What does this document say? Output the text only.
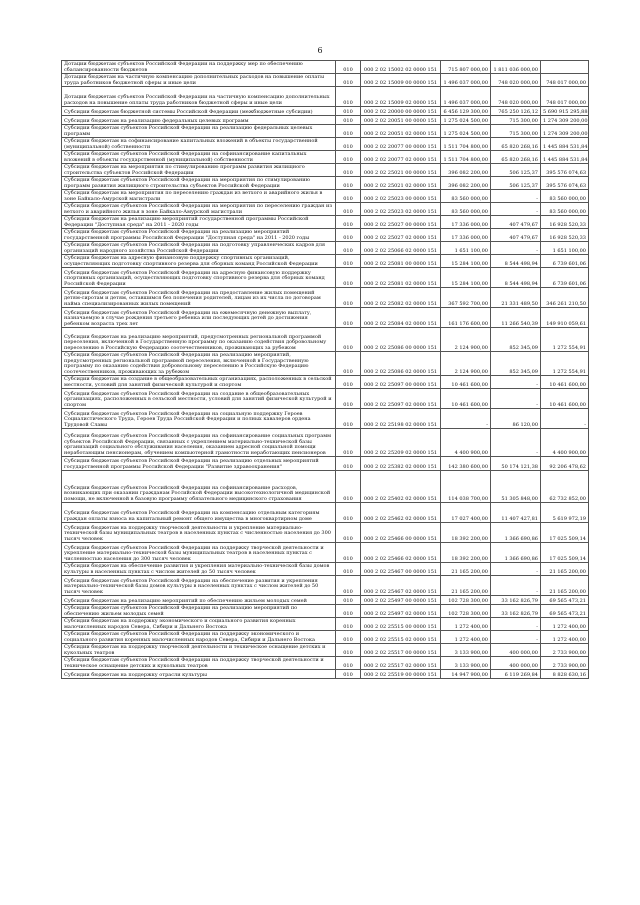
6
Дотации бюджетам субъектов Российской Федерации на поддержку мер по обеспечению сбалансированности бюджетов	010	000 2 02 15002 02 0000 151	715 807 000,00	1 811 036 000,00	
Дотации бюджетам на частичную компенсацию дополнительных расходов на повышение оплаты труда работников бюджетной сферы и иные цели	010	000 2 02 15009 00 0000 151	1 496 037 000,00	748 020 000,00	748 017 000,00
Дотации бюджетам субъектов Российской Федерации на частичную компенсацию дополнительных расходов на повышение оплаты труда работников бюджетной сферы и иные цели	010	000 2 02 15009 02 0000 151	1 496 037 000,00	748 020 000,00	748 017 000,00
Субсидии бюджетам бюджетной системы Российской Федерации (межбюджетные субсидии)	010	000 2 02 20000 00 0000 151	6 456 129 300,00	765 250 126,12	5 690 915 295,88
Субсидии бюджетам на реализацию федеральных целевых программ	010	000 2 02 20051 00 0000 151	1 275 024 500,00	715 300,00	1 274 309 200,00
Субсидии бюджетам субъектов Российской Федерации на реализацию федеральных целевых программ	010	000 2 02 20051 02 0000 151	1 275 024 500,00	715 300,00	1 274 309 200,00
Субсидии бюджетам на софинансирование капитальных вложений в объекты государственной (муниципальной) собственности	010	000 2 02 20077 00 0000 151	1 511 704 800,00	65 820 268,16	1 445 884 531,84
Субсидии бюджетам субъектов Российской Федерации на софинансирование капитальных вложений в объекты государственной (муниципальной) собственности	010	000 2 02 20077 02 0000 151	1 511 704 800,00	65 820 268,16	1 445 884 531,84
Субсидии бюджетам на мероприятия по стимулированию программ развития жилищного строительства субъектов Российской Федерации	010	000 2 02 25021 00 0000 151	396 082 200,00	506 125,37	395 576 074,63
Субсидии бюджетам субъектов Российской Федерации на мероприятия по стимулированию программ развития жилищного строительства субъектов Российской Федерации	010	000 2 02 25021 02 0000 151	396 082 200,00	506 125,37	395 576 074,63
Субсидии бюджетам на мероприятия по переселению граждан из ветхого и аварийного жилья в зоне Байкало-Амурской магистрали	010	000 2 02 25023 00 0000 151	83 560 000,00	-	83 560 000,00
Субсидии бюджетам субъектов Российской Федерации на мероприятия по переселению граждан из ветхого и аварийного жилья в зоне Байкало-Амурской магистрали	010	000 2 02 25023 02 0000 151	83 560 000,00	-	83 560 000,00
Субсидии бюджетам на реализацию мероприятий государственной программы Российской Федерации "Доступная среда" на 2011 - 2020 годы	010	000 2 02 25027 00 0000 151	17 336 000,00	407 479,67	16 928 520,33
Субсидии бюджетам субъектов Российской Федерации на реализацию мероприятий государственной программы Российской Федерации "Доступная среда" на 2011 - 2020 годы	010	000 2 02 25027 02 0000 151	17 336 000,00	407 479,67	16 928 520,33
Субсидии бюджетам субъектов Российской Федерации на подготовку управленческих кадров для организаций народного хозяйства Российской Федерации	010	000 2 02 25066 02 0000 151	1 651 100,00	-	1 651 100,00
Субсидии бюджетам на адресную финансовую поддержку спортивных организаций, осуществляющих подготовку спортивного резерва для сборных команд Российской Федерации	010	000 2 02 25081 00 0000 151	15 284 100,00	8 544 498,94	6 739 601,06
Субсидии бюджетам субъектов Российской Федерации на адресную финансовую поддержку спортивных организаций, осуществляющих подготовку спортивного резерва для сборных команд Российской Федерации	010	000 2 02 25081 02 0000 151	15 284 100,00	8 544 498,94	6 739 601,06
Субсидии бюджетам субъектов Российской Федерации на предоставление жилых помещений детям-сиротам и детям, оставшимся без попечения родителей, лицам из их числа по договорам найма специализированных жилых помещений	010	000 2 02 25082 02 0000 151	367 592 700,00	21 331 489,50	346 261 210,50
Субсидии бюджетам субъектов Российской Федерации на ежемесячную денежную выплату, назначаемую в случае рождения третьего ребенка или последующих детей до достижения ребенком возраста трех лет	010	000 2 02 25084 02 0000 151	161 176 600,00	11 266 540,39	149 910 059,61
Субсидии бюджетам на реализацию мероприятий, предусмотренных региональной программой переселения, включенной в Государственную программу по оказанию содействия добровольному переселению в Российскую Федерацию соотечественников, проживающих за рубежом	010	000 2 02 25086 00 0000 151	2 124 900,00	852 345,09	1 272 554,91
Субсидии бюджетам субъектов Российской Федерации на реализацию мероприятий, предусмотренных региональной программой переселения, включенной в Государственную программу по оказанию содействия добровольному переселению в Российскую Федерацию соотечественников, проживающих за рубежом	010	000 2 02 25086 02 0000 151	2 124 900,00	852 345,09	1 272 554,91
Субсидии бюджетам на создание в общеобразовательных организациях, расположенных в сельской местности, условий для занятий физической культурой и спортом	010	000 2 02 25097 00 0000 151	10 461 600,00	-	10 461 600,00
Субсидии бюджетам субъектов Российской Федерации на создание в общеобразовательных организациях, расположенных в сельской местности, условий для занятий физической культурой и спортом	010	000 2 02 25097 02 0000 151	10 461 600,00	-	10 461 600,00
Субсидии бюджетам субъектов Российской Федерации на социальную поддержку Героев Социалистического Труда, Героев Труда Российской Федерации и полных кавалеров ордена Трудовой Славы	010	000 2 02 25198 02 0000 151	-	86 120,00	-
Субсидии бюджетам субъектов Российской Федерации на софинансирование социальных программ субъектов Российской Федерации, связанных с укреплением материально-технической базы организаций социального обслуживания населения, оказанием адресной социальной помощи неработающим пенсионерам, обучением компьютерной грамотности неработающих пенсионеров	010	000 2 02 25209 02 0000 151	4 400 900,00	-	4 400 900,00
Субсидии бюджетам субъектов Российской Федерации на реализацию отдельных мероприятий государственной программы Российской Федерации "Развитие здравоохранения"	010	000 2 02 25382 02 0000 151	142 380 600,00	50 174 121,38	92 206 478,62
Субсидии бюджетам субъектов Российской Федерации на софинансирование расходов, возникающих при оказании гражданам Российской Федерации высокотехнологичной медицинской помощи, не включенной в базовую программу обязательного медицинского страхования	010	000 2 02 25402 02 0000 151	114 038 700,00	51 305 848,00	62 732 852,00
Субсидии бюджетам субъектов Российской Федерации на компенсацию отдельным категориям граждан оплаты взноса на капитальный ремонт общего имущества в многоквартирном доме	010	000 2 02 25462 02 0000 151	17 027 400,00	11 407 427,81	5 619 972,19
Субсидии бюджетам на поддержку творческой деятельности и укрепление материально-технической базы муниципальных театров в населенных пунктах с численностью населения до 300 тысяч человек	010	000 2 02 25466 00 0000 151	18 392 200,00	1 366 690,86	17 025 509,14
Субсидии бюджетам субъектов Российской Федерации на поддержку творческой деятельности и укрепление материально-технической базы муниципальных театров в населенных пунктах с численностью населения до 300 тысяч человек	010	000 2 02 25466 02 0000 151	18 392 200,00	1 366 690,86	17 025 509,14
Субсидии бюджетам на обеспечение развития и укрепления материально-технической базы домов культуры в населенных пунктах с числом жителей до 50 тысяч человек	010	000 2 02 25467 00 0000 151	21 165 200,00	-	21 165 200,00
Субсидии бюджетам субъектов Российской Федерации на обеспечение развития и укрепления материально-технической базы домов культуры в населенных пунктах с числом жителей до 50 тысяч человек	010	000 2 02 25467 02 0000 151	21 165 200,00	-	21 165 200,00
Субсидии бюджетам на реализацию мероприятий по обеспечению жильем молодых семей	010	000 2 02 25497 00 0000 151	102 728 300,00	33 162 826,79	69 565 473,21
Субсидии бюджетам субъектов Российской Федерации на реализацию мероприятий по обеспечению жильем молодых семей	010	000 2 02 25497 02 0000 151	102 728 300,00	33 162 826,79	69 565 473,21
Субсидии бюджетам на поддержку экономического и социального развития коренных малочисленных народов Севера, Сибири и Дальнего Востока	010	000 2 02 25515 00 0000 151	1 272 400,00	-	1 272 400,00
Субсидии бюджетам субъектов Российской Федерации на поддержку экономического и социального развития коренных малочисленных народов Севера, Сибири и Дальнего Востока	010	000 2 02 25515 02 0000 151	1 272 400,00	-	1 272 400,00
Субсидии бюджетам на поддержку творческой деятельности и техническое оснащение детских и кукольных театров	010	000 2 02 25517 00 0000 151	3 133 900,00	400 000,00	2 733 900,00
Субсидии бюджетам субъектов Российской Федерации на поддержку творческой деятельности и техническое оснащение детских и кукольных театров	010	000 2 02 25517 02 0000 151	3 133 900,00	400 000,00	2 733 900,00
Субсидии бюджетам на поддержку отрасли культуры	010	000 2 02 25519 00 0000 151	14 947 900,00	6 119 269,84	8 828 630,16
